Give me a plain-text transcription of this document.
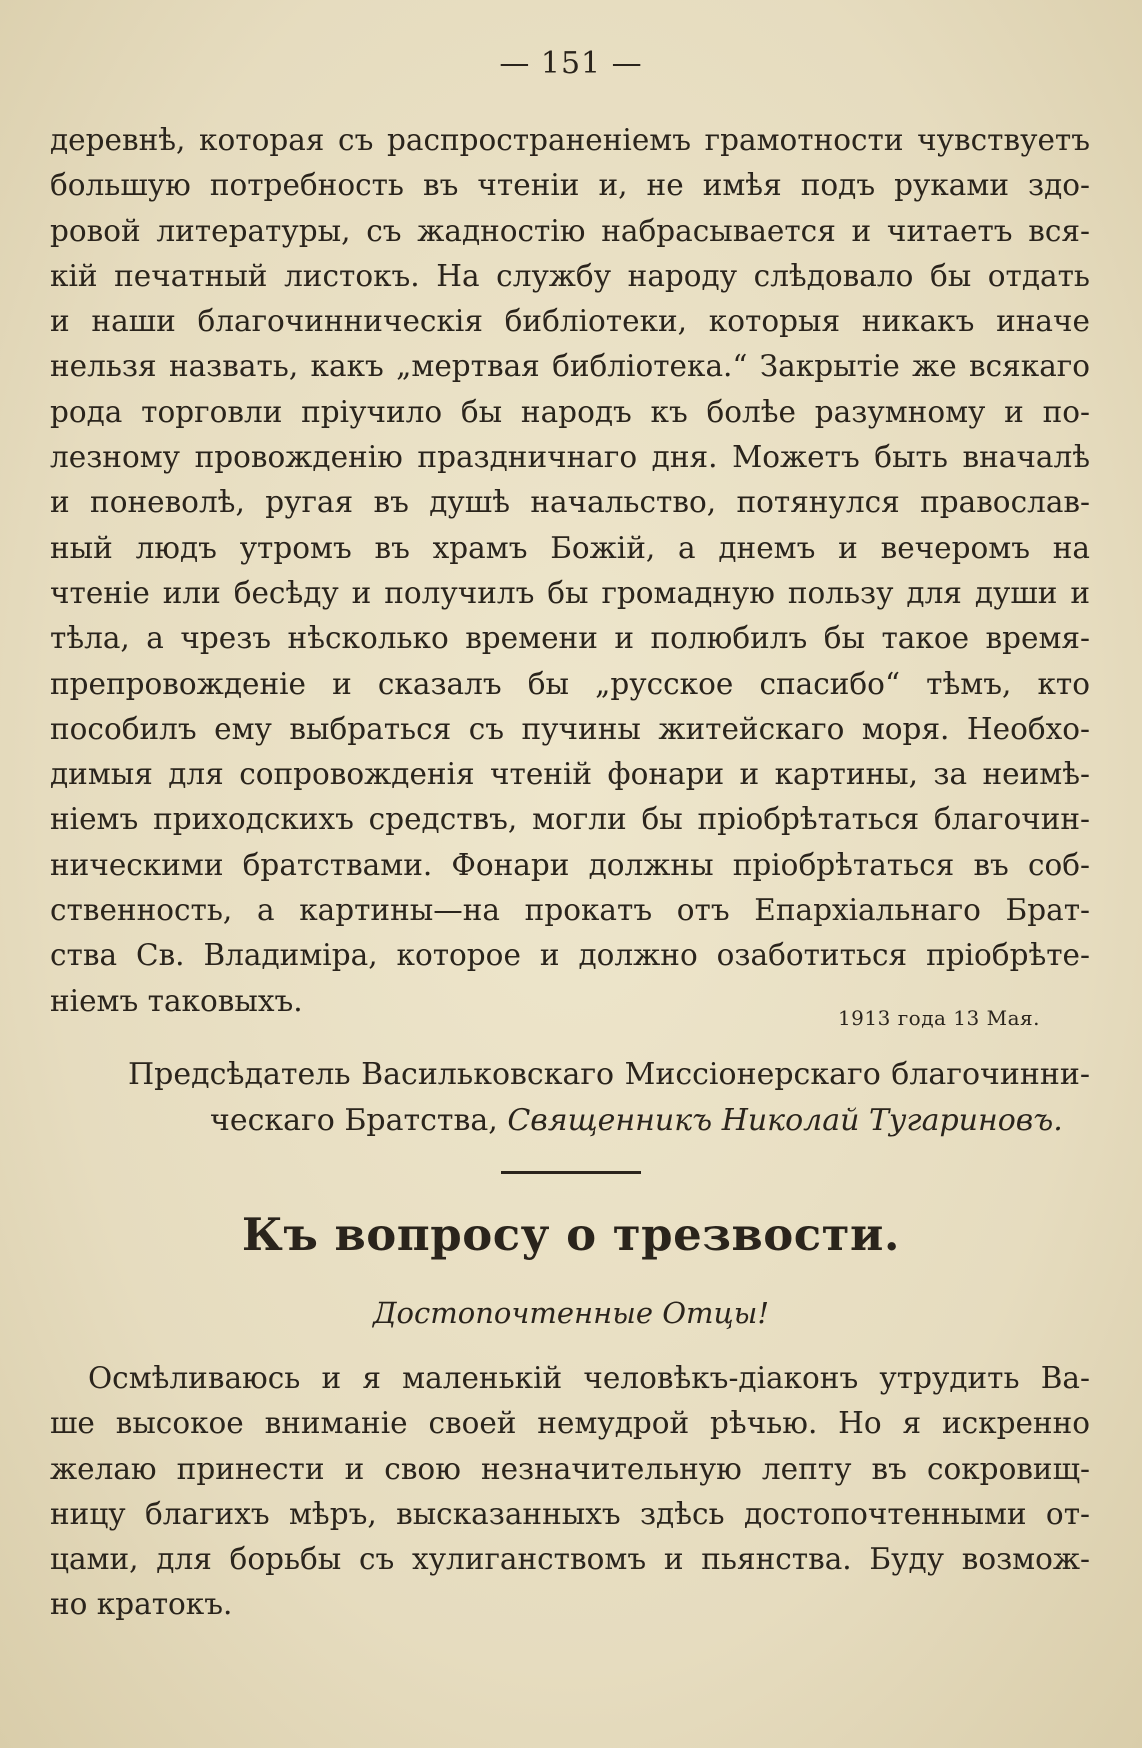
— 151 —
деревнѣ, которая съ распространеніемъ грамотности чувствуетъ
большую потребность въ чтеніи и, не имѣя подъ руками здо-
ровой литературы, съ жадностію набрасывается и читаетъ вся-
кій печатный листокъ. На службу народу слѣдовало бы отдать
и наши благочинническія библіотеки, которыя никакъ иначе
нельзя назвать, какъ „мертвая библіотека.“ Закрытіе же всякаго
рода торговли пріучило бы народъ къ болѣе разумному и по-
лезному провожденію праздничнаго дня. Можетъ быть вначалѣ
и поневолѣ, ругая въ душѣ начальство, потянулся православ-
ный людъ утромъ въ храмъ Божій, а днемъ и вечеромъ на
чтеніе или бесѣду и получилъ бы громадную пользу для души и
тѣла, а чрезъ нѣсколько времени и полюбилъ бы такое время-
препровожденіе и сказалъ бы „русское спасибо“ тѣмъ, кто
пособилъ ему выбраться съ пучины житейскаго моря. Необхо-
димыя для сопровожденія чтеній фонари и картины, за неимѣ-
ніемъ приходскихъ средствъ, могли бы пріобрѣтаться благочин-
ническими братствами. Фонари должны пріобрѣтаться въ соб-
ственность, а картины—на прокатъ отъ Епархіальнаго Брат-
ства Св. Владиміра, которое и должно озаботиться пріобрѣте-
ніемъ таковыхъ.
1913 года 13 Мая.
Предсѣдатель Васильковскаго Миссіонерскаго благочинни-
ческаго Братства, Священникъ Николай Тугариновъ.
Къ вопросу о трезвости.
Достопочтенные Отцы!
Осмѣливаюсь и я маленькій человѣкъ-діаконъ утрудить Ва-
ше высокое вниманіе своей немудрой рѣчью. Но я искренно
желаю принести и свою незначительную лепту въ сокровищ-
ницу благихъ мѣръ, высказанныхъ здѣсь достопочтенными от-
цами, для борьбы съ хулиганствомъ и пьянства. Буду возмож-
но кратокъ.
